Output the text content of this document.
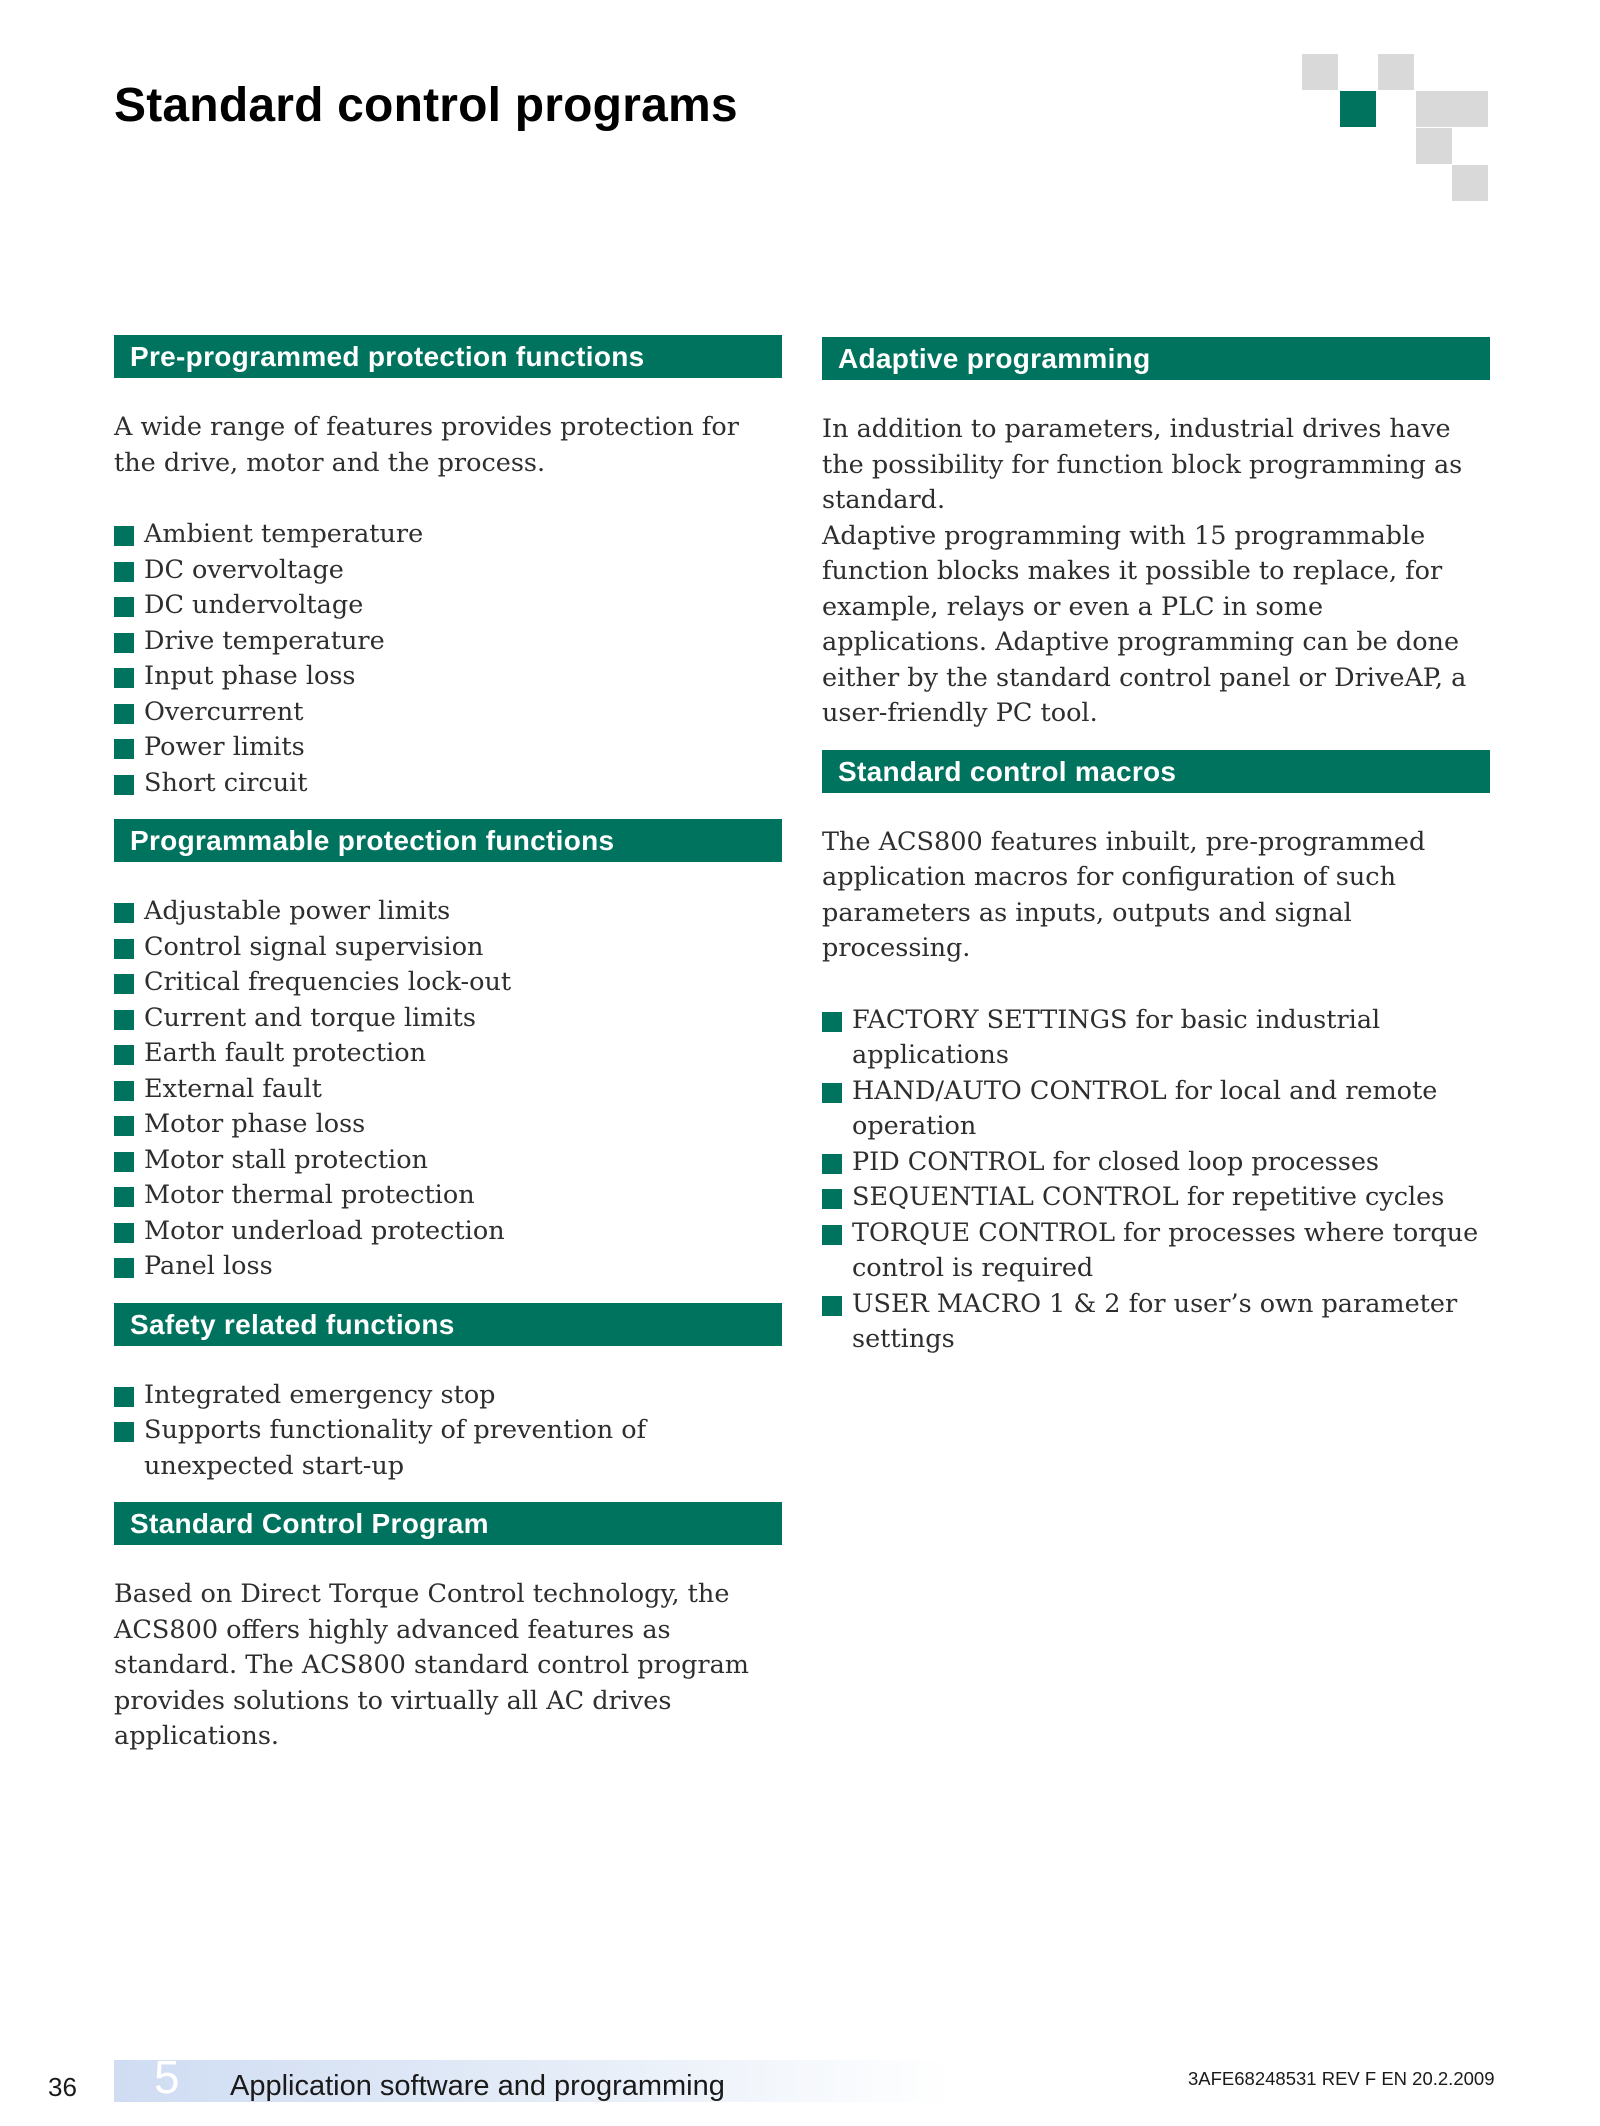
Standard control programs
Pre-programmed protection functions

A wide range of features provides protection for the drive, motor and the process.

Ambient temperature
DC overvoltage
DC undervoltage
Drive temperature
Input phase loss
Overcurrent
Power limits
Short circuit
Programmable protection functions
Adjustable power limits
Control signal supervision
Critical frequencies lock-out
Current and torque limits
Earth fault protection
External fault
Motor phase loss
Motor stall protection
Motor thermal protection
Motor underload protection
Panel loss
Safety related functions
Integrated emergency stop
Supports functionality of prevention of unexpected start-up
Standard Control Program

Based on Direct Torque Control technology, the ACS800 offers highly advanced features as standard. The ACS800 standard control program provides solutions to virtually all AC drives applications.

Adaptive programming

In addition to parameters, industrial drives have the possibility for function block programming as standard.

Adaptive programming with 15 programmable function blocks makes it possible to replace, for example, relays or even a PLC in some applications. Adaptive programming can be done either by the standard control panel or DriveAP, a user-friendly PC tool.

Standard control macros

The ACS800 features inbuilt, pre-programmed application macros for configuration of such parameters as inputs, outputs and signal processing.

FACTORY SETTINGS for basic industrial applications
HAND/AUTO CONTROL for local and remote operation
PID CONTROL for closed loop processes
SEQUENTIAL CONTROL for repetitive cycles
TORQUE CONTROL for processes where torque control is required
USER MACRO 1 & 2 for user’s own parameter settings
36 5 Application software and programming	3AFE68248531 REV F EN 20.2.2009
